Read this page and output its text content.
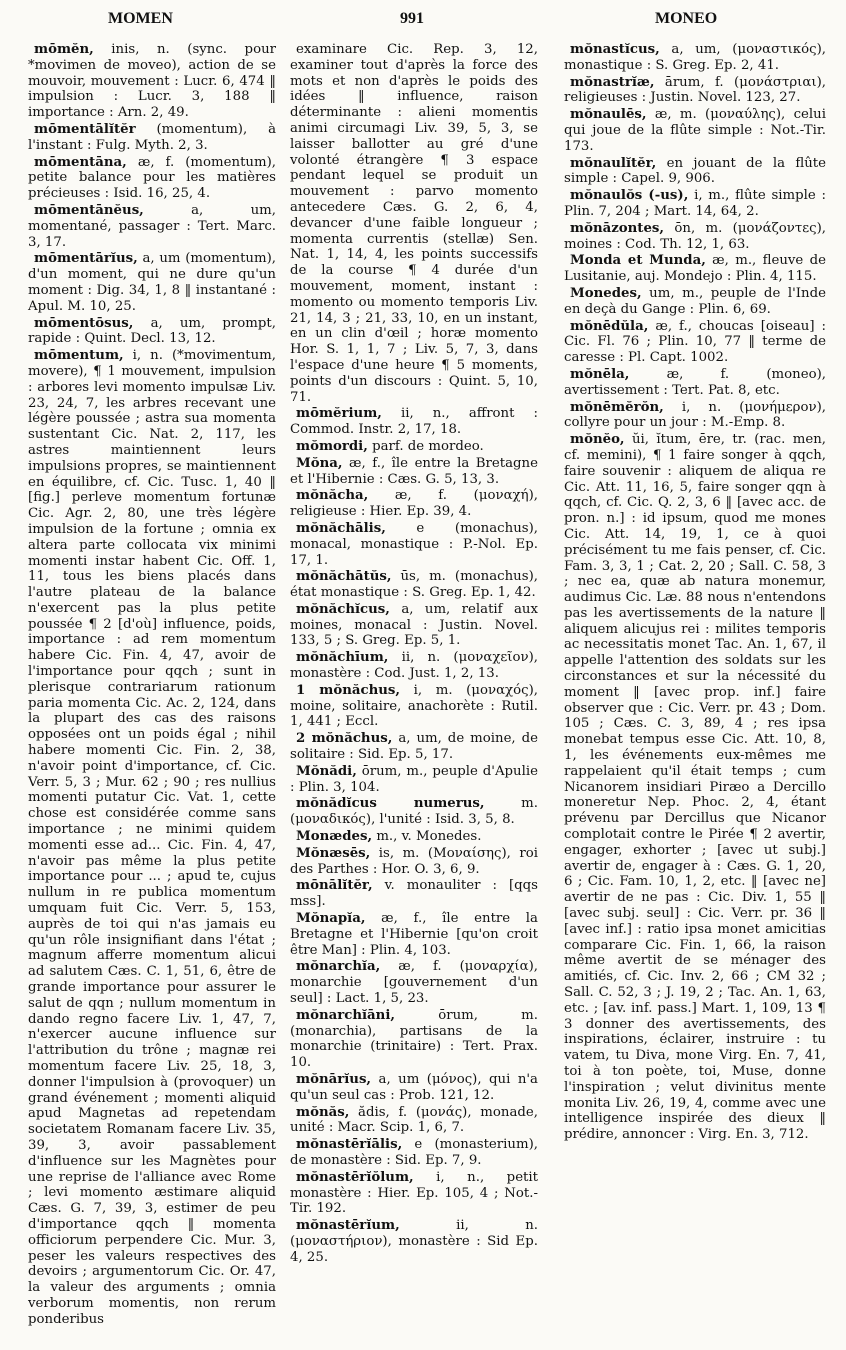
MOMEN	991	MONEO

mōmĕn, inis, n. (sync. pour *movimen de moveo), action de se mouvoir, mouvement : Lucr. 6, 474 ‖ impulsion : Lucr. 3, 188 ‖ importance : Arn. 2, 49.

mōmentālĭtĕr (momentum), à l'instant : Fulg. Myth. 2, 3.

mōmentāna, æ, f. (momentum), petite balance pour les matières précieuses : Isid. 16, 25, 4.

mōmentānĕus, a, um, momentané, passager : Tert. Marc. 3, 17.

mōmentārĭus, a, um (momentum), d'un moment, qui ne dure qu'un moment : Dig. 34, 1, 8 ‖ instantané : Apul. M. 10, 25.

mōmentōsus, a, um, prompt, rapide : Quint. Decl. 13, 12.

mōmentum, i, n. (*movimentum, movere), ¶ 1 mouvement, impulsion : arbores levi momento impulsæ Liv. 23, 24, 7, les arbres recevant une légère poussée ; astra sua momenta sustentant Cic. Nat. 2, 117, les astres maintiennent leurs impulsions propres, se maintiennent en équilibre, cf. Cic. Tusc. 1, 40 ‖ [fig.] perleve momentum fortunæ Cic. Agr. 2, 80, une très légère impulsion de la fortune ; omnia ex altera parte collocata vix minimi momenti instar habent Cic. Off. 1, 11, tous les biens placés dans l'autre plateau de la balance n'exercent pas la plus petite poussée ¶ 2 [d'où] influence, poids, importance : ad rem momentum habere Cic. Fin. 4, 47, avoir de l'importance pour qqch ; sunt in plerisque contrariarum rationum paria momenta Cic. Ac. 2, 124, dans la plupart des cas des raisons opposées ont un poids égal ; nihil habere momenti Cic. Fin. 2, 38, n'avoir point d'importance, cf. Cic. Verr. 5, 3 ; Mur. 62 ; 90 ; res nullius momenti putatur Cic. Vat. 1, cette chose est considérée comme sans importance ; ne minimi quidem momenti esse ad... Cic. Fin. 4, 47, n'avoir pas même la plus petite importance pour ... ; apud te, cujus nullum in re publica momentum umquam fuit Cic. Verr. 5, 153, auprès de toi qui n'as jamais eu qu'un rôle insignifiant dans l'état ; magnum afferre momentum alicui ad salutem Cæs. C. 1, 51, 6, être de grande importance pour assurer le salut de qqn ; nullum momentum in dando regno facere Liv. 1, 47, 7, n'exercer aucune influence sur l'attribution du trône ; magnæ rei momentum facere Liv. 25, 18, 3, donner l'impulsion à (provoquer) un grand événement ; momenti aliquid apud Magnetas ad repetendam societatem Romanam facere Liv. 35, 39, 3, avoir passablement d'influence sur les Magnètes pour une reprise de l'alliance avec Rome ; levi momento æstimare aliquid Cæs. G. 7, 39, 3, estimer de peu d'importance qqch ‖ momenta officiorum perpendere Cic. Mur. 3, peser les valeurs respectives des devoirs ; argumentorum Cic. Or. 47, la valeur des arguments ; omnia verborum momentis, non rerum ponderibus

examinare Cic. Rep. 3, 12, examiner tout d'après la force des mots et non d'après le poids des idées ‖ influence, raison déterminante : alieni momentis animi circumagi Liv. 39, 5, 3, se laisser ballotter au gré d'une volonté étrangère ¶ 3 espace pendant lequel se produit un mouvement : parvo momento antecedere Cæs. G. 2, 6, 4, devancer d'une faible longueur ; momenta currentis (stellæ) Sen. Nat. 1, 14, 4, les points successifs de la course ¶ 4 durée d'un mouvement, moment, instant : momento ou momento temporis Liv. 21, 14, 3 ; 21, 33, 10, en un instant, en un clin d'œil ; horæ momento Hor. S. 1, 1, 7 ; Liv. 5, 7, 3, dans l'espace d'une heure ¶ 5 moments, points d'un discours : Quint. 5, 10, 71.

mōmĕrium, ii, n., affront : Commod. Instr. 2, 17, 18.

mŏmordi, parf. de mordeo.

Mŏna, æ, f., île entre la Bretagne et l'Hibernie : Cæs. G. 5, 13, 3.

mŏnăcha, æ, f. (μοναχή), religieuse : Hier. Ep. 39, 4.

mŏnăchālis, e (monachus), monacal, monastique : P.-Nol. Ep. 17, 1.

mŏnăchātŭs, ūs, m. (monachus), état monastique : S. Greg. Ep. 1, 42.

mŏnăchĭcus, a, um, relatif aux moines, monacal : Justin. Novel. 133, 5 ; S. Greg. Ep. 5, 1.

mŏnăchīum, ii, n. (μοναχεῖον), monastère : Cod. Just. 1, 2, 13.

1 mŏnăchus, i, m. (μοναχός), moine, solitaire, anachorète : Rutil. 1, 441 ; Eccl.

2 mŏnăchus, a, um, de moine, de solitaire : Sid. Ep. 5, 17.

Mŏnădi, ōrum, m., peuple d'Apulie : Plin. 3, 104.

mŏnădĭcus numerus, m. (μοναδικός), l'unité : Isid. 3, 5, 8.

Monædes, m., v. Monedes.

Mŏnæsēs, is, m. (Μοναίσης), roi des Parthes : Hor. O. 3, 6, 9.

mōnālĭtĕr, v. monauliter : [qqs mss].

Mŏnapĭa, æ, f., île entre la Bretagne et l'Hibernie [qu'on croit être Man] : Plin. 4, 103.

mŏnarchĭa, æ, f. (μοναρχία), monarchie [gouvernement d'un seul] : Lact. 1, 5, 23.

mŏnarchĭāni, ōrum, m. (monarchia), partisans de la monarchie (trinitaire) : Tert. Prax. 10.

mŏnārĭus, a, um (μόνος), qui n'a qu'un seul cas : Prob. 121, 12.

mŏnăs, ădis, f. (μονάς), monade, unité : Macr. Scip. 1, 6, 7.

mŏnastērĭālis, e (monasterium), de monastère : Sid. Ep. 7, 9.

mŏnastērĭŏlum, i, n., petit monastère : Hier. Ep. 105, 4 ; Not.-Tir. 192.

mŏnastērĭum, ii, n. (μοναστήριον), monastère : Sid Ep. 4, 25.

mŏnastĭcus, a, um, (μοναστικός), monastique : S. Greg. Ep. 2, 41.

mŏnastrĭæ, ārum, f. (μονάστριαι), religieuses : Justin. Novel. 123, 27.

mŏnaulēs, æ, m. (μοναύλης), celui qui joue de la flûte simple : Not.-Tir. 173.

mŏnaulĭtĕr, en jouant de la flûte simple : Capel. 9, 906.

mŏnaulŏs (-us), i, m., flûte simple : Plin. 7, 204 ; Mart. 14, 64, 2.

mŏnāzontes, ōn, m. (μονάζοντες), moines : Cod. Th. 12, 1, 63.

Monda et Munda, æ, m., fleuve de Lusitanie, auj. Mondejo : Plin. 4, 115.

Monedes, um, m., peuple de l'Inde en deçà du Gange : Plin. 6, 69.

mŏnēdŭla, æ, f., choucas [oiseau] : Cic. Fl. 76 ; Plin. 10, 77 ‖ terme de caresse : Pl. Capt. 1002.

mŏnēla, æ, f. (moneo), avertissement : Tert. Pat. 8, etc.

mŏnēmĕrŏn, i, n. (μονήμερον), collyre pour un jour : M.-Emp. 8.

mŏnĕo, ŭi, ĭtum, ēre, tr. (rac. men, cf. memini), ¶ 1 faire songer à qqch, faire souvenir : aliquem de aliqua re Cic. Att. 11, 16, 5, faire songer qqn à qqch, cf. Cic. Q. 2, 3, 6 ‖ [avec acc. de pron. n.] : id ipsum, quod me mones Cic. Att. 14, 19, 1, ce à quoi précisément tu me fais penser, cf. Cic. Fam. 3, 3, 1 ; Cat. 2, 20 ; Sall. C. 58, 3 ; nec ea, quæ ab natura monemur, audimus Cic. Læ. 88 nous n'entendons pas les avertissements de la nature ‖ aliquem alicujus rei : milites temporis ac necessitatis monet Tac. An. 1, 67, il appelle l'attention des soldats sur les circonstances et sur la nécessité du moment ‖ [avec prop. inf.] faire observer que : Cic. Verr. pr. 43 ; Dom. 105 ; Cæs. C. 3, 89, 4 ; res ipsa monebat tempus esse Cic. Att. 10, 8, 1, les événements eux-mêmes me rappelaient qu'il était temps ; cum Nicanorem insidiari Piræo a Dercillo moneretur Nep. Phoc. 2, 4, étant prévenu par Dercillus que Nicanor complotait contre le Pirée ¶ 2 avertir, engager, exhorter ; [avec ut subj.] avertir de, engager à : Cæs. G. 1, 20, 6 ; Cic. Fam. 10, 1, 2, etc. ‖ [avec ne] avertir de ne pas : Cic. Div. 1, 55 ‖ [avec subj. seul] : Cic. Verr. pr. 36 ‖ [avec inf.] : ratio ipsa monet amicitias comparare Cic. Fin. 1, 66, la raison même avertit de se ménager des amitiés, cf. Cic. Inv. 2, 66 ; CM 32 ; Sall. C. 52, 3 ; J. 19, 2 ; Tac. An. 1, 63, etc. ; [av. inf. pass.] Mart. 1, 109, 13 ¶ 3 donner des avertissements, des inspirations, éclairer, instruire : tu vatem, tu Diva, mone Virg. En. 7, 41, toi à ton poète, toi, Muse, donne l'inspiration ; velut divinitus mente monita Liv. 26, 19, 4, comme avec une intelligence inspirée des dieux ‖ prédire, annoncer : Virg. En. 3, 712.
